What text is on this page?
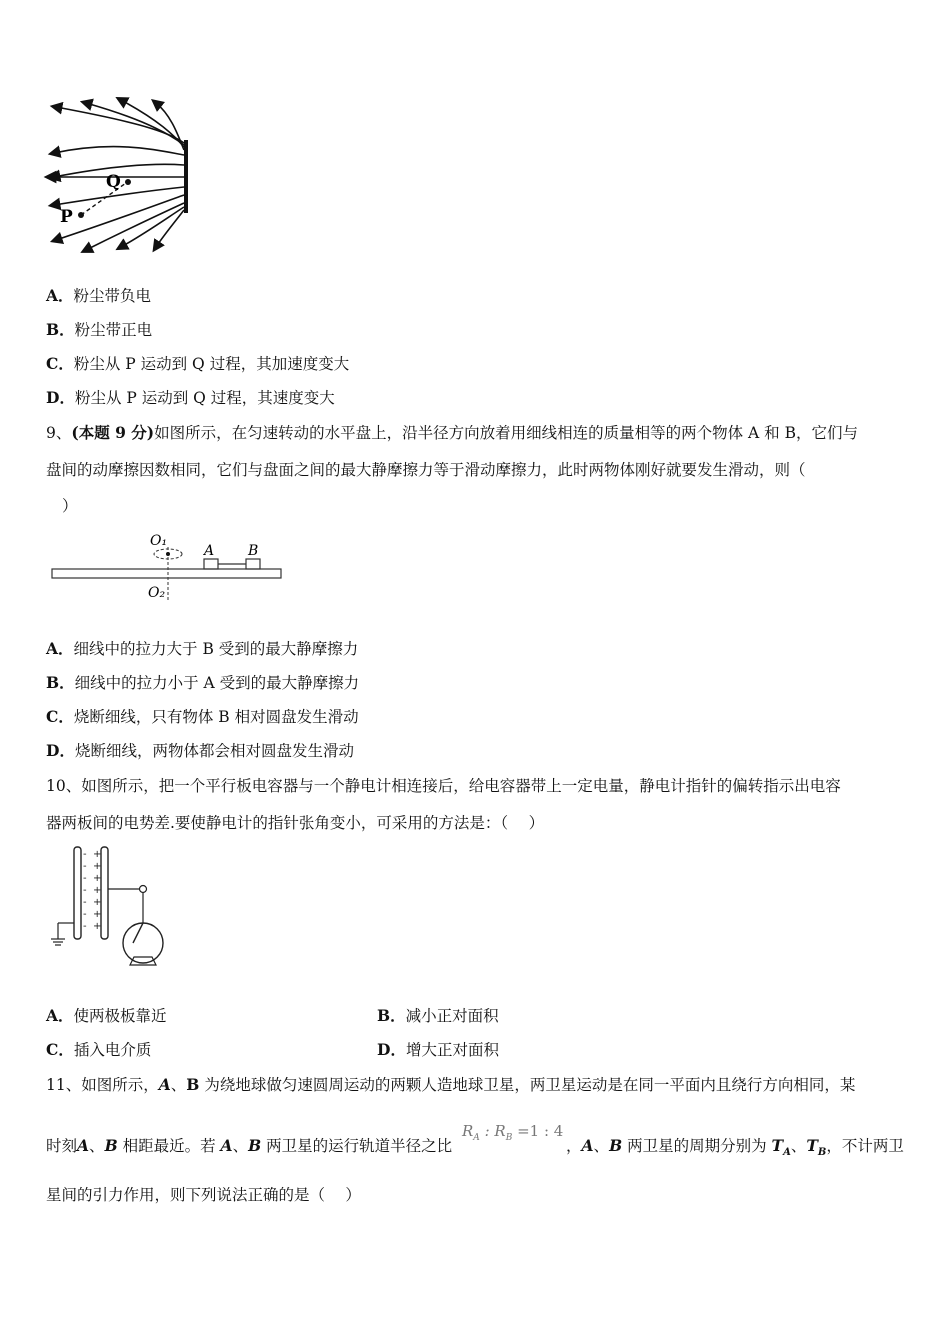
Q
P
A．粉尘带负电
B．粉尘带正电
C．粉尘从 P 运动到 Q 过程，其加速度变大
D．粉尘从 P 运动到 Q 过程，其速度变大
9、(本题 9 分)如图所示，在匀速转动的水平盘上，沿半径方向放着用细线相连的质量相等的两个物体 A 和 B，它们与
盘间的动摩擦因数相同，它们与盘面之间的最大静摩擦力等于滑动摩擦力，此时两物体刚好就要发生滑动，则（
）
O₁
O₂
A B
A．细线中的拉力大于 B 受到的最大静摩擦力
B．细线中的拉力小于 A 受到的最大静摩擦力
C．烧断细线，只有物体 B 相对圆盘发生滑动
D．烧断细线，两物体都会相对圆盘发生滑动
10、如图所示，把一个平行板电容器与一个静电计相连接后，给电容器带上一定电量，静电计指针的偏转指示出电容
器两板间的电势差.要使静电计的指针张角变小，可采用的方法是：（　 ）
-
-
-
-
-
-
-
+
+
+
+
+
+
+
A．使两极板靠近	B．减小正对面积
C．插入电介质	D．增大正对面积
11、如图所示，A、B 为绕地球做匀速圆周运动的两颗人造地球卫星，两卫星运动是在同一平面内且绕行方向相同，某
时刻A、B 相距最近。若 A、B 两卫星的运行轨道半径之比
$R_A$ : $R_B =1$ : 4
，A、B 两卫星的周期分别为 $T_A$、$T_B$，不计两卫
星间的引力作用，则下列说法正确的是（　 ）
